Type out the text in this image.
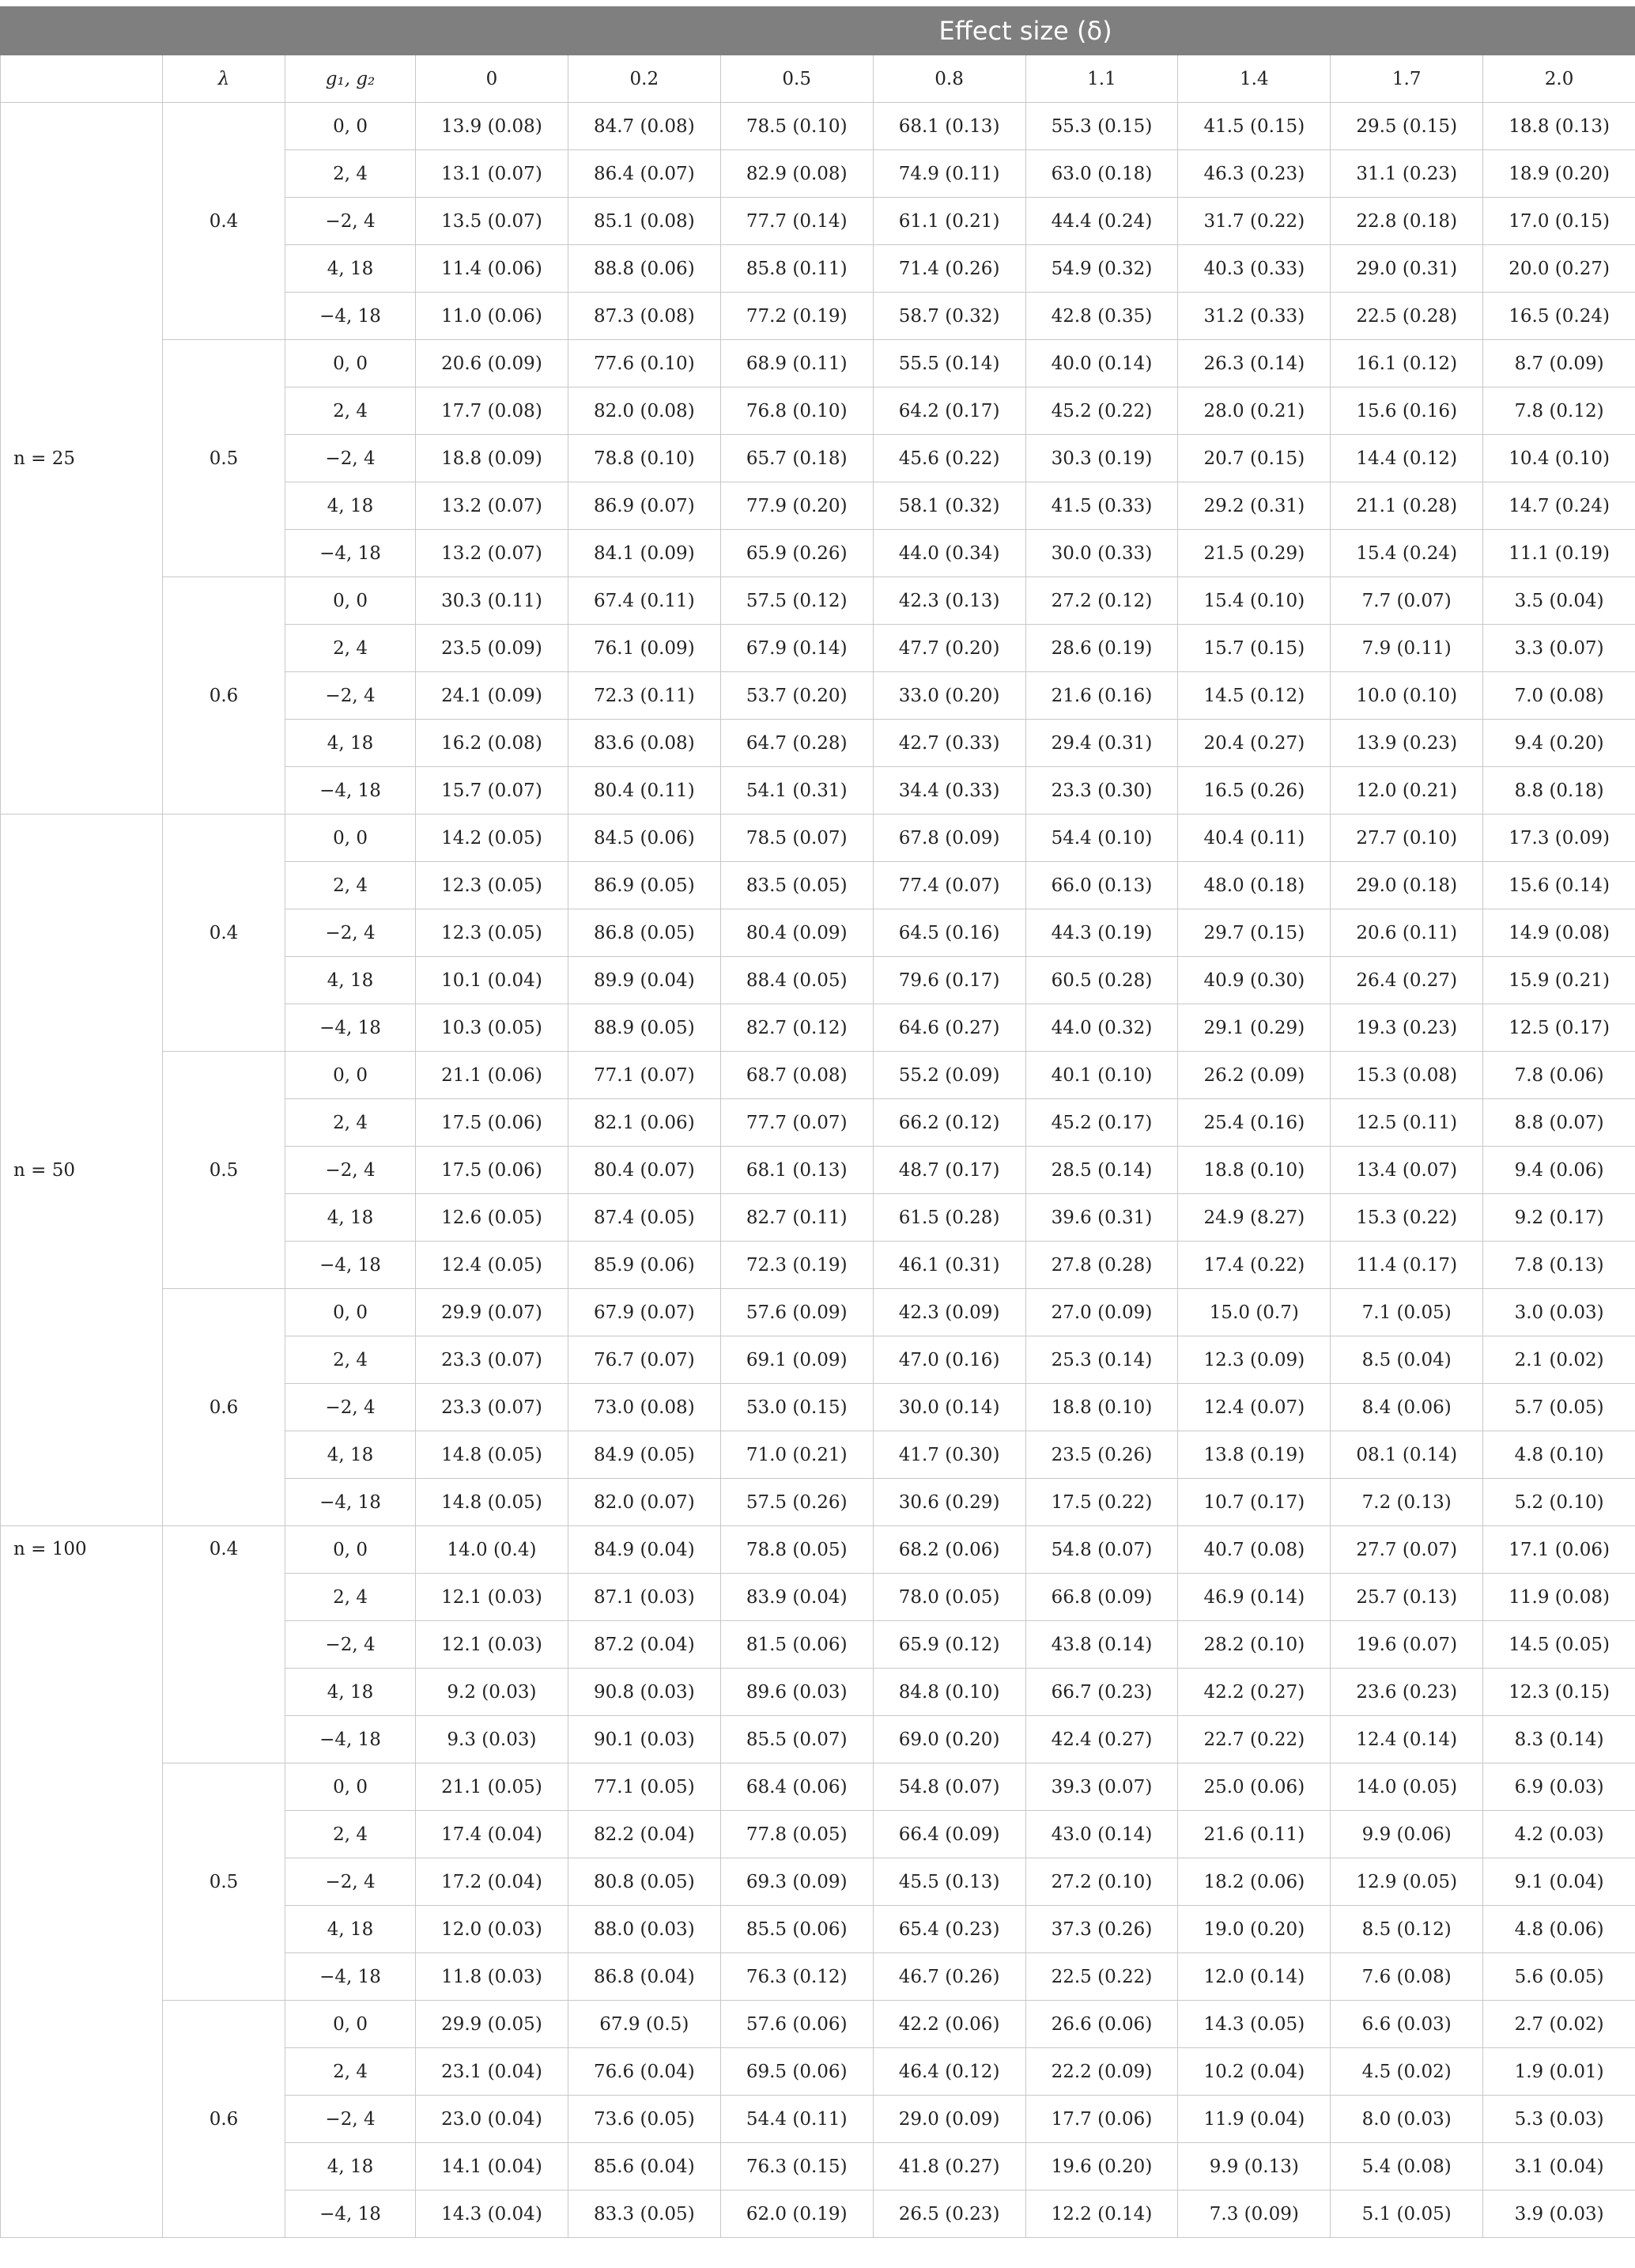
			Effect size (δ)							
	λ	g₁, g₂	0	0.2	0.5	0.8	1.1	1.4	1.7	2.0
n = 25	0.4	0, 0	13.9 (0.08)	84.7 (0.08)	78.5 (0.10)	68.1 (0.13)	55.3 (0.15)	41.5 (0.15)	29.5 (0.15)	18.8 (0.13)
		2, 4	13.1 (0.07)	86.4 (0.07)	82.9 (0.08)	74.9 (0.11)	63.0 (0.18)	46.3 (0.23)	31.1 (0.23)	18.9 (0.20)
		−2, 4	13.5 (0.07)	85.1 (0.08)	77.7 (0.14)	61.1 (0.21)	44.4 (0.24)	31.7 (0.22)	22.8 (0.18)	17.0 (0.15)
		4, 18	11.4 (0.06)	88.8 (0.06)	85.8 (0.11)	71.4 (0.26)	54.9 (0.32)	40.3 (0.33)	29.0 (0.31)	20.0 (0.27)
		−4, 18	11.0 (0.06)	87.3 (0.08)	77.2 (0.19)	58.7 (0.32)	42.8 (0.35)	31.2 (0.33)	22.5 (0.28)	16.5 (0.24)
	0.5	0, 0	20.6 (0.09)	77.6 (0.10)	68.9 (0.11)	55.5 (0.14)	40.0 (0.14)	26.3 (0.14)	16.1 (0.12)	8.7 (0.09)
		2, 4	17.7 (0.08)	82.0 (0.08)	76.8 (0.10)	64.2 (0.17)	45.2 (0.22)	28.0 (0.21)	15.6 (0.16)	7.8 (0.12)
		−2, 4	18.8 (0.09)	78.8 (0.10)	65.7 (0.18)	45.6 (0.22)	30.3 (0.19)	20.7 (0.15)	14.4 (0.12)	10.4 (0.10)
		4, 18	13.2 (0.07)	86.9 (0.07)	77.9 (0.20)	58.1 (0.32)	41.5 (0.33)	29.2 (0.31)	21.1 (0.28)	14.7 (0.24)
		−4, 18	13.2 (0.07)	84.1 (0.09)	65.9 (0.26)	44.0 (0.34)	30.0 (0.33)	21.5 (0.29)	15.4 (0.24)	11.1 (0.19)
	0.6	0, 0	30.3 (0.11)	67.4 (0.11)	57.5 (0.12)	42.3 (0.13)	27.2 (0.12)	15.4 (0.10)	7.7 (0.07)	3.5 (0.04)
		2, 4	23.5 (0.09)	76.1 (0.09)	67.9 (0.14)	47.7 (0.20)	28.6 (0.19)	15.7 (0.15)	7.9 (0.11)	3.3 (0.07)
		−2, 4	24.1 (0.09)	72.3 (0.11)	53.7 (0.20)	33.0 (0.20)	21.6 (0.16)	14.5 (0.12)	10.0 (0.10)	7.0 (0.08)
		4, 18	16.2 (0.08)	83.6 (0.08)	64.7 (0.28)	42.7 (0.33)	29.4 (0.31)	20.4 (0.27)	13.9 (0.23)	9.4 (0.20)
		−4, 18	15.7 (0.07)	80.4 (0.11)	54.1 (0.31)	34.4 (0.33)	23.3 (0.30)	16.5 (0.26)	12.0 (0.21)	8.8 (0.18)
n = 50	0.4	0, 0	14.2 (0.05)	84.5 (0.06)	78.5 (0.07)	67.8 (0.09)	54.4 (0.10)	40.4 (0.11)	27.7 (0.10)	17.3 (0.09)
		2, 4	12.3 (0.05)	86.9 (0.05)	83.5 (0.05)	77.4 (0.07)	66.0 (0.13)	48.0 (0.18)	29.0 (0.18)	15.6 (0.14)
		−2, 4	12.3 (0.05)	86.8 (0.05)	80.4 (0.09)	64.5 (0.16)	44.3 (0.19)	29.7 (0.15)	20.6 (0.11)	14.9 (0.08)
		4, 18	10.1 (0.04)	89.9 (0.04)	88.4 (0.05)	79.6 (0.17)	60.5 (0.28)	40.9 (0.30)	26.4 (0.27)	15.9 (0.21)
		−4, 18	10.3 (0.05)	88.9 (0.05)	82.7 (0.12)	64.6 (0.27)	44.0 (0.32)	29.1 (0.29)	19.3 (0.23)	12.5 (0.17)
	0.5	0, 0	21.1 (0.06)	77.1 (0.07)	68.7 (0.08)	55.2 (0.09)	40.1 (0.10)	26.2 (0.09)	15.3 (0.08)	7.8 (0.06)
		2, 4	17.5 (0.06)	82.1 (0.06)	77.7 (0.07)	66.2 (0.12)	45.2 (0.17)	25.4 (0.16)	12.5 (0.11)	8.8 (0.07)
		−2, 4	17.5 (0.06)	80.4 (0.07)	68.1 (0.13)	48.7 (0.17)	28.5 (0.14)	18.8 (0.10)	13.4 (0.07)	9.4 (0.06)
		4, 18	12.6 (0.05)	87.4 (0.05)	82.7 (0.11)	61.5 (0.28)	39.6 (0.31)	24.9 (8.27)	15.3 (0.22)	9.2 (0.17)
		−4, 18	12.4 (0.05)	85.9 (0.06)	72.3 (0.19)	46.1 (0.31)	27.8 (0.28)	17.4 (0.22)	11.4 (0.17)	7.8 (0.13)
	0.6	0, 0	29.9 (0.07)	67.9 (0.07)	57.6 (0.09)	42.3 (0.09)	27.0 (0.09)	15.0 (0.7)	7.1 (0.05)	3.0 (0.03)
		2, 4	23.3 (0.07)	76.7 (0.07)	69.1 (0.09)	47.0 (0.16)	25.3 (0.14)	12.3 (0.09)	8.5 (0.04)	2.1 (0.02)
		−2, 4	23.3 (0.07)	73.0 (0.08)	53.0 (0.15)	30.0 (0.14)	18.8 (0.10)	12.4 (0.07)	8.4 (0.06)	5.7 (0.05)
		4, 18	14.8 (0.05)	84.9 (0.05)	71.0 (0.21)	41.7 (0.30)	23.5 (0.26)	13.8 (0.19)	08.1 (0.14)	4.8 (0.10)
		−4, 18	14.8 (0.05)	82.0 (0.07)	57.5 (0.26)	30.6 (0.29)	17.5 (0.22)	10.7 (0.17)	7.2 (0.13)	5.2 (0.10)
n = 100	0.4	0, 0	14.0 (0.4)	84.9 (0.04)	78.8 (0.05)	68.2 (0.06)	54.8 (0.07)	40.7 (0.08)	27.7 (0.07)	17.1 (0.06)
		2, 4	12.1 (0.03)	87.1 (0.03)	83.9 (0.04)	78.0 (0.05)	66.8 (0.09)	46.9 (0.14)	25.7 (0.13)	11.9 (0.08)
		−2, 4	12.1 (0.03)	87.2 (0.04)	81.5 (0.06)	65.9 (0.12)	43.8 (0.14)	28.2 (0.10)	19.6 (0.07)	14.5 (0.05)
		4, 18	9.2 (0.03)	90.8 (0.03)	89.6 (0.03)	84.8 (0.10)	66.7 (0.23)	42.2 (0.27)	23.6 (0.23)	12.3 (0.15)
		−4, 18	9.3 (0.03)	90.1 (0.03)	85.5 (0.07)	69.0 (0.20)	42.4 (0.27)	22.7 (0.22)	12.4 (0.14)	8.3 (0.14)
	0.5	0, 0	21.1 (0.05)	77.1 (0.05)	68.4 (0.06)	54.8 (0.07)	39.3 (0.07)	25.0 (0.06)	14.0 (0.05)	6.9 (0.03)
		2, 4	17.4 (0.04)	82.2 (0.04)	77.8 (0.05)	66.4 (0.09)	43.0 (0.14)	21.6 (0.11)	9.9 (0.06)	4.2 (0.03)
		−2, 4	17.2 (0.04)	80.8 (0.05)	69.3 (0.09)	45.5 (0.13)	27.2 (0.10)	18.2 (0.06)	12.9 (0.05)	9.1 (0.04)
		4, 18	12.0 (0.03)	88.0 (0.03)	85.5 (0.06)	65.4 (0.23)	37.3 (0.26)	19.0 (0.20)	8.5 (0.12)	4.8 (0.06)
		−4, 18	11.8 (0.03)	86.8 (0.04)	76.3 (0.12)	46.7 (0.26)	22.5 (0.22)	12.0 (0.14)	7.6 (0.08)	5.6 (0.05)
	0.6	0, 0	29.9 (0.05)	67.9 (0.5)	57.6 (0.06)	42.2 (0.06)	26.6 (0.06)	14.3 (0.05)	6.6 (0.03)	2.7 (0.02)
		2, 4	23.1 (0.04)	76.6 (0.04)	69.5 (0.06)	46.4 (0.12)	22.2 (0.09)	10.2 (0.04)	4.5 (0.02)	1.9 (0.01)
		−2, 4	23.0 (0.04)	73.6 (0.05)	54.4 (0.11)	29.0 (0.09)	17.7 (0.06)	11.9 (0.04)	8.0 (0.03)	5.3 (0.03)
		4, 18	14.1 (0.04)	85.6 (0.04)	76.3 (0.15)	41.8 (0.27)	19.6 (0.20)	9.9 (0.13)	5.4 (0.08)	3.1 (0.04)
		−4, 18	14.3 (0.04)	83.3 (0.05)	62.0 (0.19)	26.5 (0.23)	12.2 (0.14)	7.3 (0.09)	5.1 (0.05)	3.9 (0.03)
